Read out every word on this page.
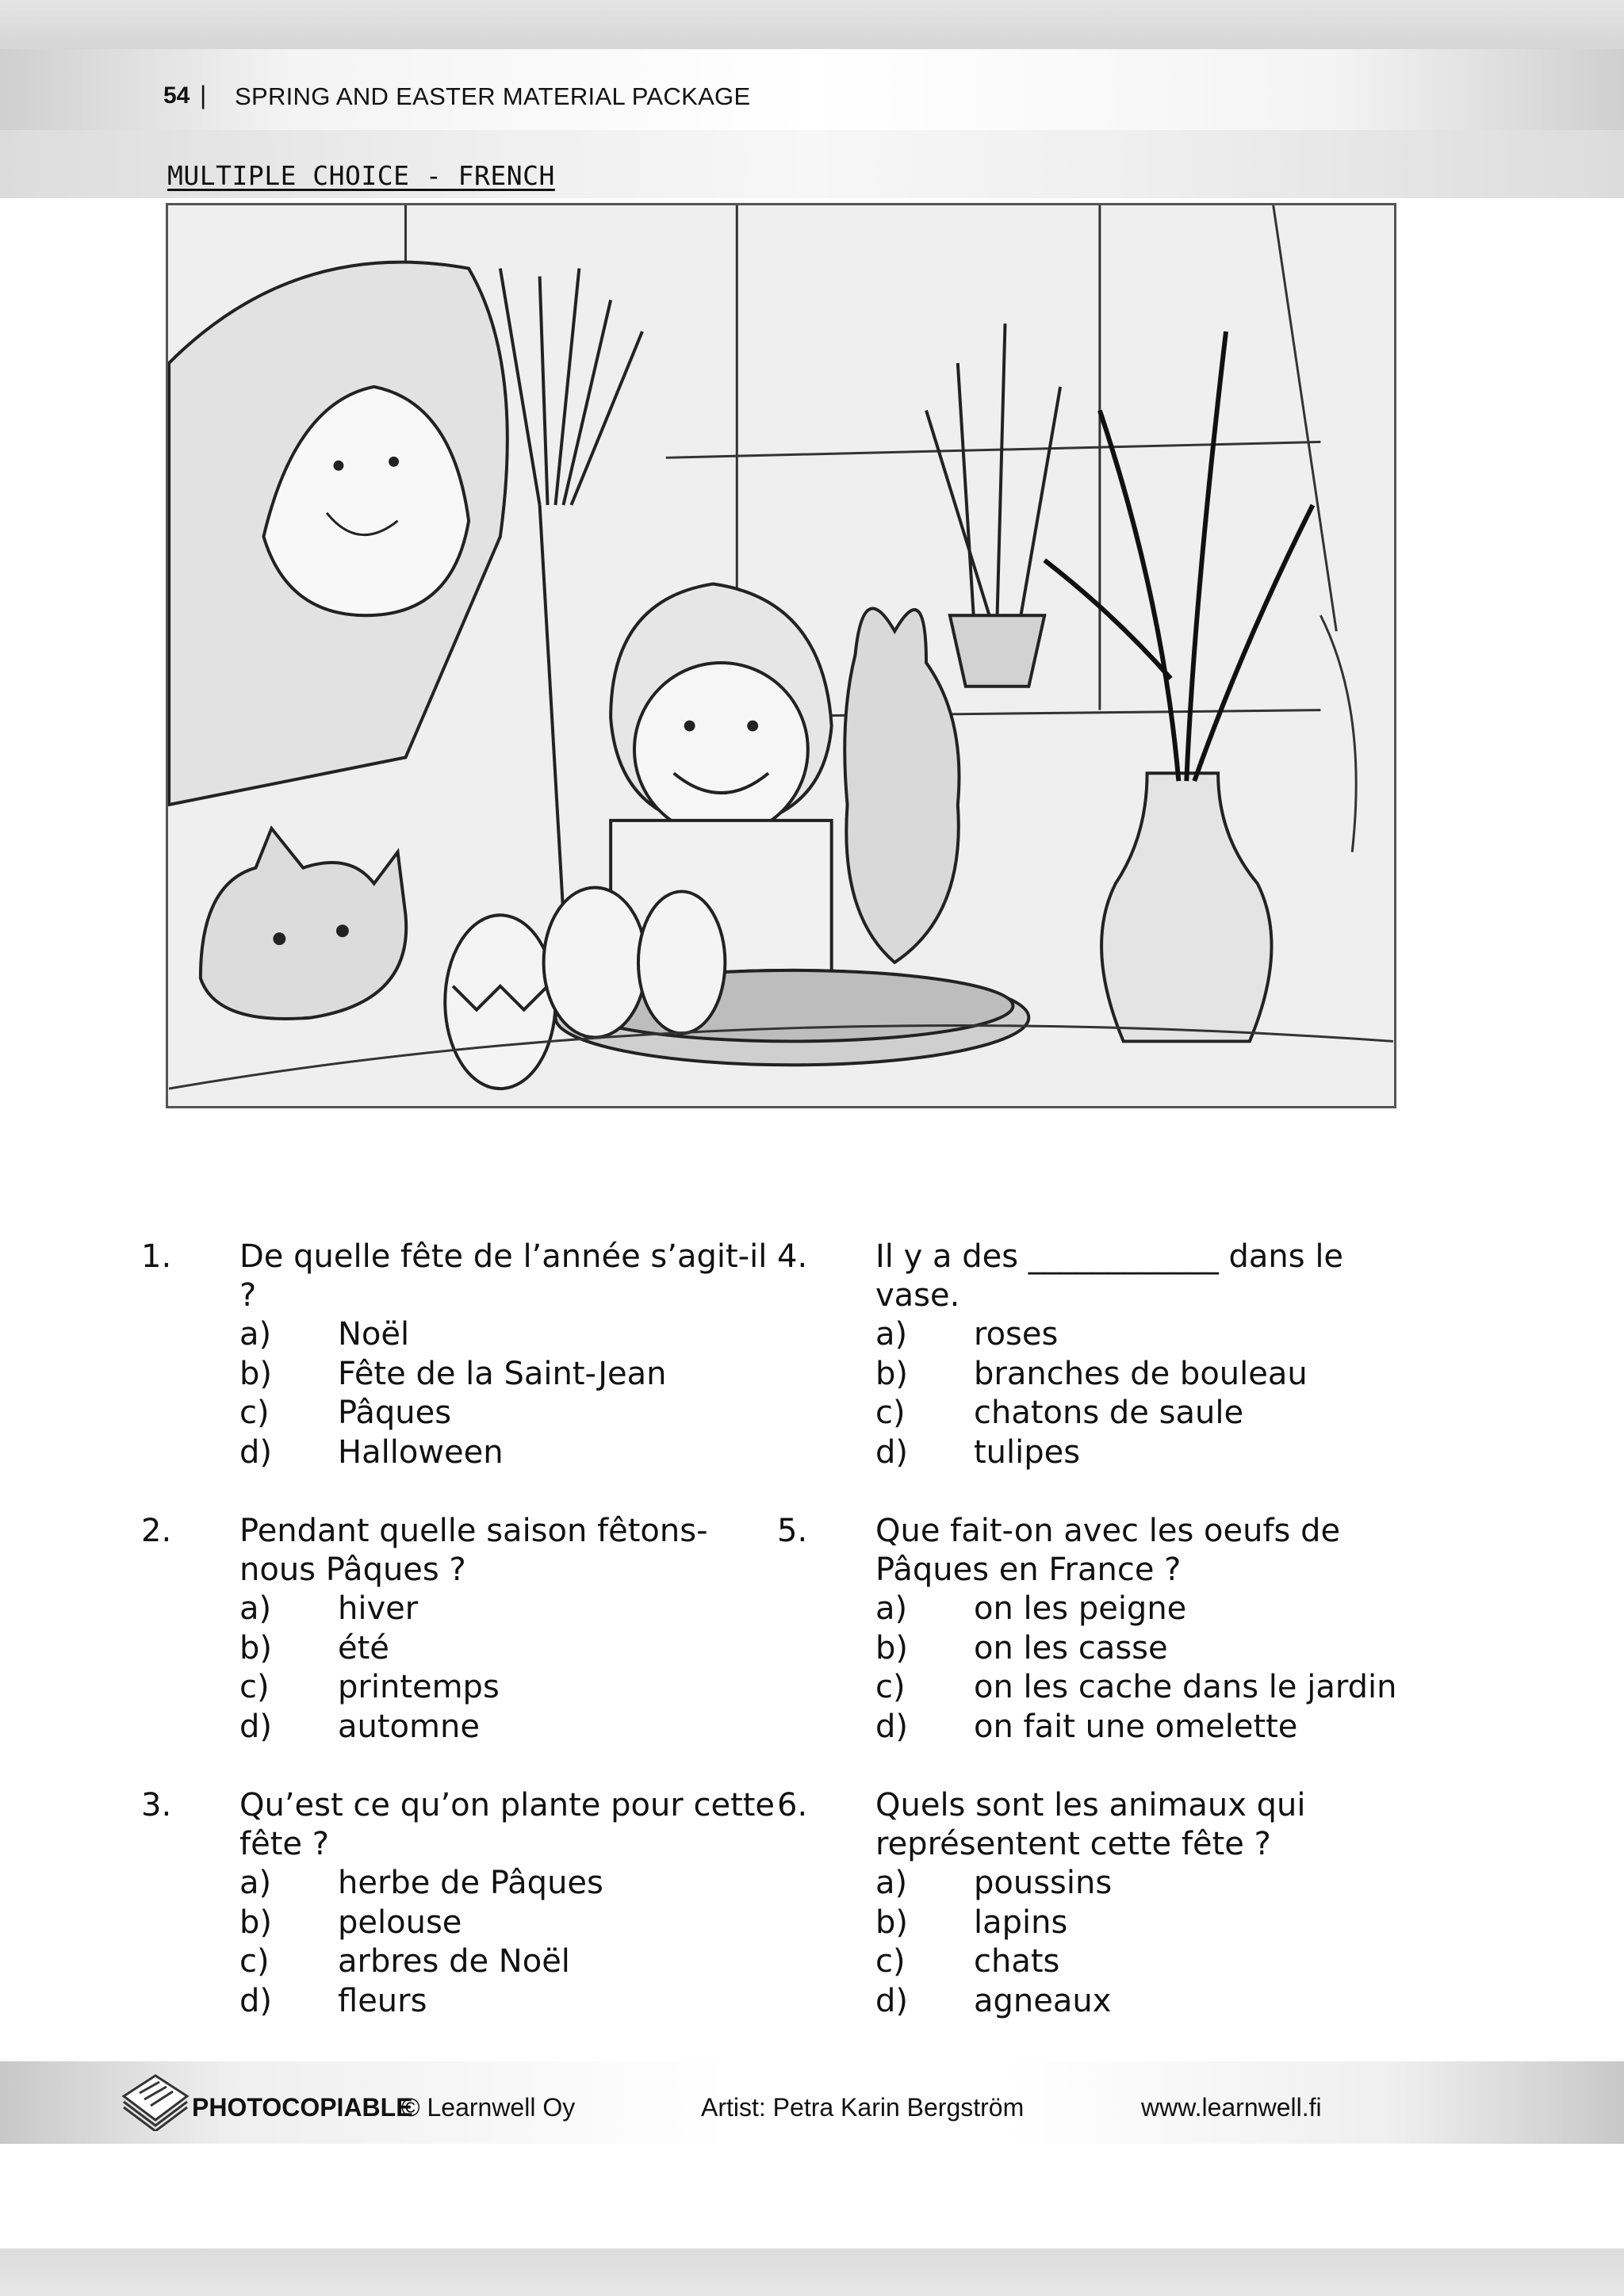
54 | SPRING AND EASTER MATERIAL PACKAGE
MULTIPLE CHOICE - FRENCH
1. De quelle fête de l’année s’agit-il ?
a) Noël
b) Fête de la Saint-Jean
c) Pâques
d) Halloween
2. Pendant quelle saison fêtons-nous Pâques ?
a) hiver
b) été
c) printemps
d) automne
3. Qu’est ce qu’on plante pour cette fête ?
a) herbe de Pâques
b) pelouse
c) arbres de Noël
d) fleurs
4. Il y a des ____________ dans le vase.
a) roses
b) branches de bouleau
c) chatons de saule
d) tulipes
5. Que fait-on avec les oeufs de Pâques en France ?
a) on les peigne
b) on les casse
c) on les cache dans le jardin
d) on fait une omelette
6. Quels sont les animaux qui représentent cette fête ?
a) poussins
b) lapins
c) chats
d) agneaux
PHOTOCOPIABLE
© Learnwell Oy	Artist: Petra Karin Bergström	www.learnwell.fi
